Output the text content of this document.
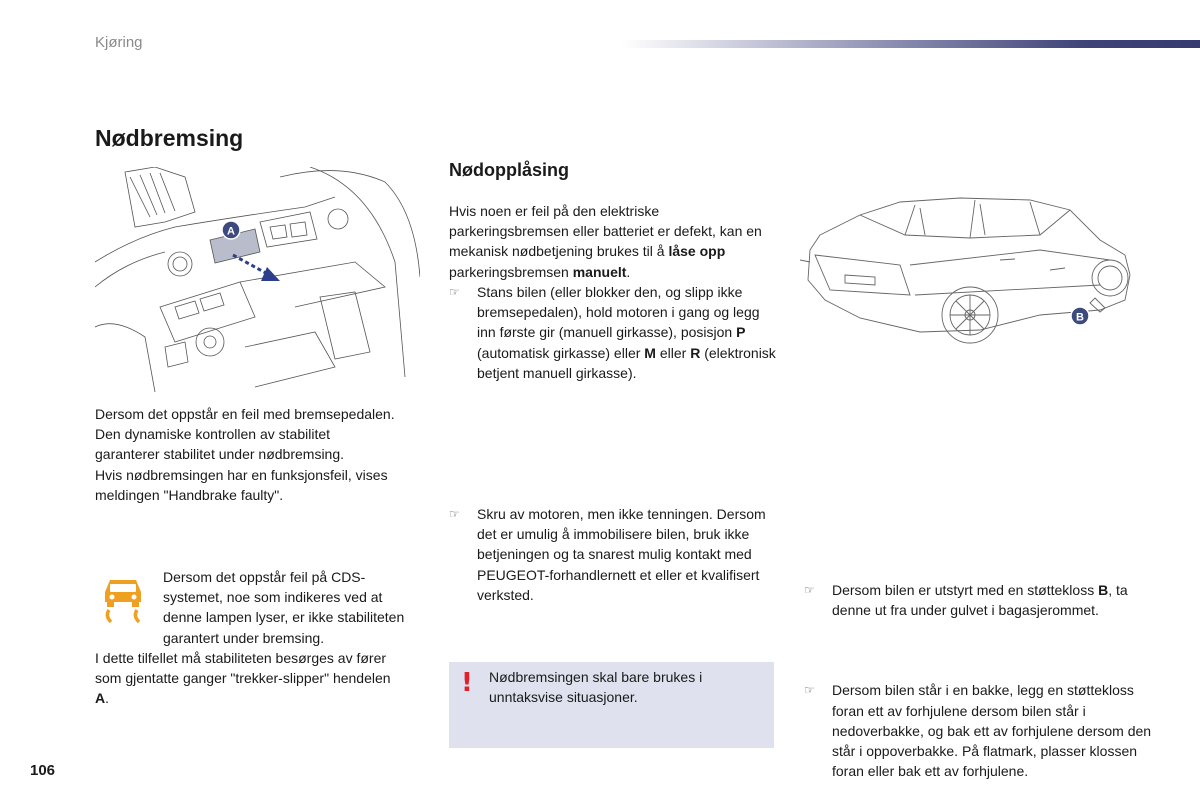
Kjøring
Nødbremsing
A

Dersom det oppstår en feil med bremsepedalen.
Den dynamiske kontrollen av stabilitet garanterer stabilitet under nødbremsing.
Hvis nødbremsingen har en funksjonsfeil, vises meldingen "Handbrake faulty".

Dersom det oppstår feil på CDS-systemet, noe som indikeres ved at denne lampen lyser, er ikke stabiliteten garantert under bremsing.

I dette tilfellet må stabiliteten besørges av fører som gjentatte ganger "trekker-slipper" hendelen A.

Nødopplåsing

Hvis noen er feil på den elektriske parkeringsbremsen eller batteriet er defekt, kan en mekanisk nødbetjening brukes til å låse opp parkeringsbremsen manuelt.

☞ Stans bilen (eller blokker den, og slipp ikke bremsepedalen), hold motoren i gang og legg inn første gir (manuell girkasse), posisjon P (automatisk girkasse) eller M eller R (elektronisk betjent manuell girkasse).
☞ Skru av motoren, men ikke tenningen. Dersom det er umulig å immobilisere bilen, bruk ikke betjeningen og ta snarest mulig kontakt med PEUGEOT-forhandlernett et eller et kvalifisert verksted.
! Nødbremsingen skal bare brukes i unntaksvise situasjoner.
B
☞ Dersom bilen er utstyrt med en støttekloss B, ta denne ut fra under gulvet i bagasjerommet.
☞ Dersom bilen står i en bakke, legg en støttekloss foran ett av forhjulene dersom bilen står i nedoverbakke, og bak ett av forhjulene dersom den står i oppoverbakke. På flatmark, plasser klossen foran eller bak ett av forhjulene.
106
